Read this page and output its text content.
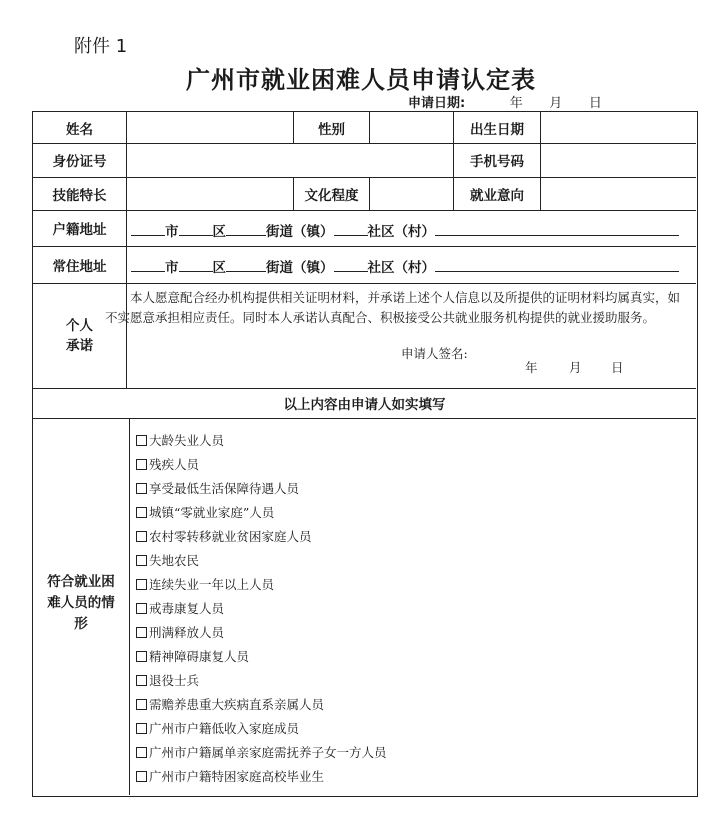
附件 1
广州市就业困难人员申请认定表
申请日期:	年 月 日
姓名	性别	出生日期
身份证号	手机号码
技能特长	文化程度	就业意向
户籍地址	市	区	街道（镇）	社区（村）
常住地址	市	区	街道（镇）	社区（村）
个人
承诺
本人愿意配合经办机构提供相关证明材料，并承诺上述个人信息以及所提供的证明材料均属真实，如不实愿意承担相应责任。同时本人承诺认真配合、积极接受公共就业服务机构提供的就业援助服务。
申请人签名:
年	月 日
以上内容由申请人如实填写
符合就业困
难人员的情
形
大龄失业人员
残疾人员
享受最低生活保障待遇人员
城镇“零就业家庭”人员
农村零转移就业贫困家庭人员
失地农民
连续失业一年以上人员
戒毒康复人员
刑满释放人员
精神障碍康复人员
退役士兵
需赡养患重大疾病直系亲属人员
广州市户籍低收入家庭成员
广州市户籍属单亲家庭需抚养子女一方人员
广州市户籍特困家庭高校毕业生
